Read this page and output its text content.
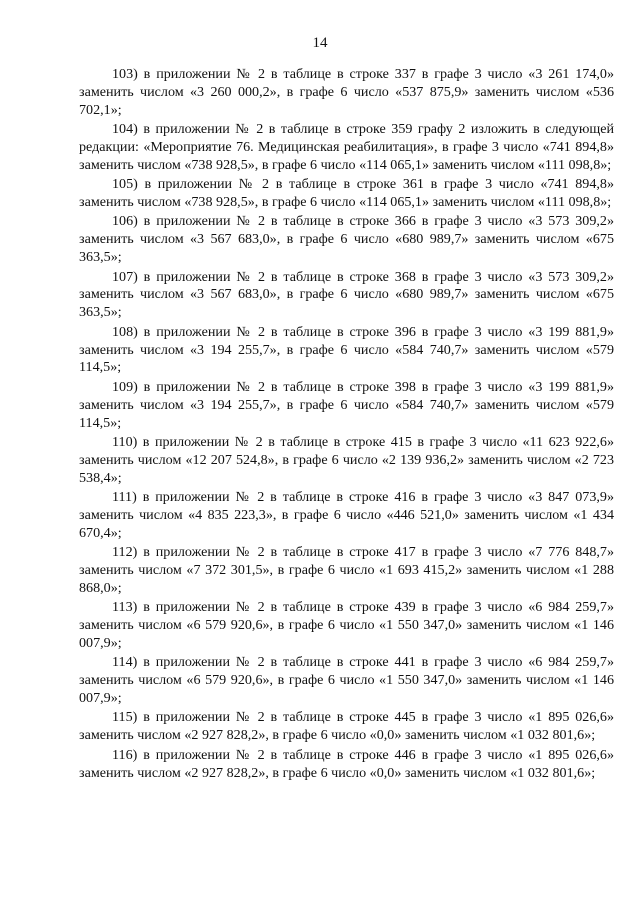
14

103) в приложении № 2 в таблице в строке 337 в графе 3 число «3 261 174,0» заменить числом «3 260 000,2», в графе 6 число «537 875,9» заменить числом «536 702,1»;

104) в приложении № 2 в таблице в строке 359 графу 2 изложить в следующей редакции: «Мероприятие 76. Медицинская реабилитация», в графе 3 число «741 894,8» заменить числом «738 928,5», в графе 6 число «114 065,1» заменить числом «111 098,8»;

105) в приложении № 2 в таблице в строке 361 в графе 3 число «741 894,8» заменить числом «738 928,5», в графе 6 число «114 065,1» заменить числом «111 098,8»;

106) в приложении № 2 в таблице в строке 366 в графе 3 число «3 573 309,2» заменить числом «3 567 683,0», в графе 6 число «680 989,7» заменить числом «675 363,5»;

107) в приложении № 2 в таблице в строке 368 в графе 3 число «3 573 309,2» заменить числом «3 567 683,0», в графе 6 число «680 989,7» заменить числом «675 363,5»;

108) в приложении № 2 в таблице в строке 396 в графе 3 число «3 199 881,9» заменить числом «3 194 255,7», в графе 6 число «584 740,7» заменить числом «579 114,5»;

109) в приложении № 2 в таблице в строке 398 в графе 3 число «3 199 881,9» заменить числом «3 194 255,7», в графе 6 число «584 740,7» заменить числом «579 114,5»;

110) в приложении № 2 в таблице в строке 415 в графе 3 число «11 623 922,6» заменить числом «12 207 524,8», в графе 6 число «2 139 936,2» заменить числом «2 723 538,4»;

111) в приложении № 2 в таблице в строке 416 в графе 3 число «3 847 073,9» заменить числом «4 835 223,3», в графе 6 число «446 521,0» заменить числом «1 434 670,4»;

112) в приложении № 2 в таблице в строке 417 в графе 3 число «7 776 848,7» заменить числом «7 372 301,5», в графе 6 число «1 693 415,2» заменить числом «1 288 868,0»;

113) в приложении № 2 в таблице в строке 439 в графе 3 число «6 984 259,7» заменить числом «6 579 920,6», в графе 6 число «1 550 347,0» заменить числом «1 146 007,9»;

114) в приложении № 2 в таблице в строке 441 в графе 3 число «6 984 259,7» заменить числом «6 579 920,6», в графе 6 число «1 550 347,0» заменить числом «1 146 007,9»;

115) в приложении № 2 в таблице в строке 445 в графе 3 число «1 895 026,6» заменить числом «2 927 828,2», в графе 6 число «0,0» заменить числом «1 032 801,6»;

116) в приложении № 2 в таблице в строке 446 в графе 3 число «1 895 026,6» заменить числом «2 927 828,2», в графе 6 число «0,0» заменить числом «1 032 801,6»;
